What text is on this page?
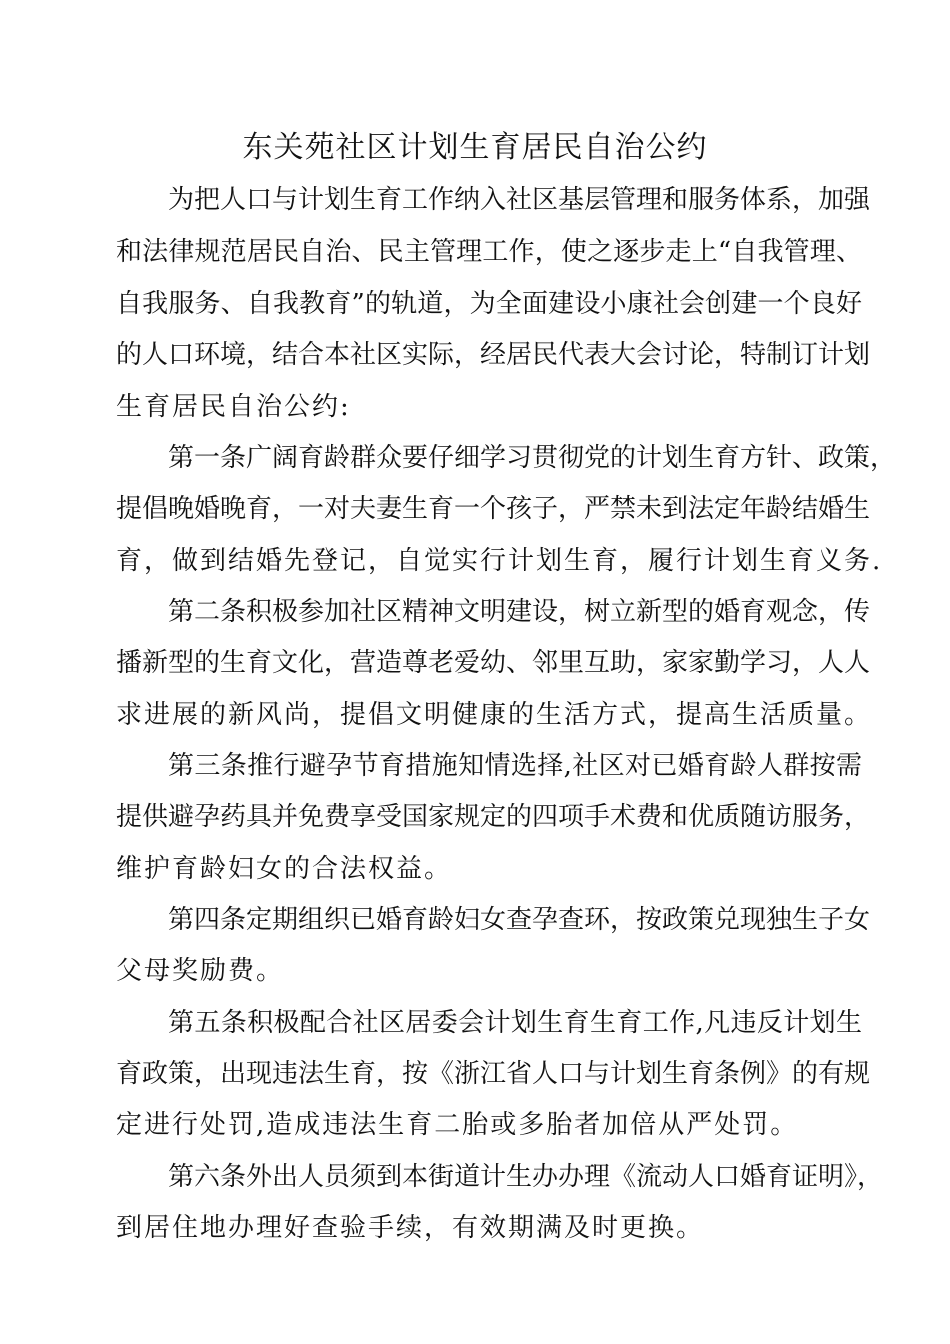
东关苑社区计划生育居民自治公约

为把人口与计划生育工作纳入社区基层管理和服务体系，加强

和法律规范居民自治、民主管理工作，使之逐步走上“自我管理、

自我服务、自我教育”的轨道，为全面建设小康社会创建一个良好

的人口环境，结合本社区实际，经居民代表大会讨论，特制订计划

生育居民自治公约:

第一条广阔育龄群众要仔细学习贯彻党的计划生育方针、政策，

提倡晚婚晚育，一对夫妻生育一个孩子，严禁未到法定年龄结婚生

育，做到结婚先登记，自觉实行计划生育，履行计划生育义务.

第二条积极参加社区精神文明建设，树立新型的婚育观念，传

播新型的生育文化，营造尊老爱幼、邻里互助，家家勤学习，人人

求进展的新风尚，提倡文明健康的生活方式，提高生活质量。

第三条推行避孕节育措施知情选择,社区对已婚育龄人群按需

提供避孕药具并免费享受国家规定的四项手术费和优质随访服务，

维护育龄妇女的合法权益。

第四条定期组织已婚育龄妇女查孕查环，按政策兑现独生子女

父母奖励费。

第五条积极配合社区居委会计划生育生育工作,凡违反计划生

育政策，出现违法生育，按《浙江省人口与计划生育条例》的有规

定进行处罚,造成违法生育二胎或多胎者加倍从严处罚。

第六条外出人员须到本街道计生办办理《流动人口婚育证明》，

到居住地办理好查验手续，有效期满及时更换。
